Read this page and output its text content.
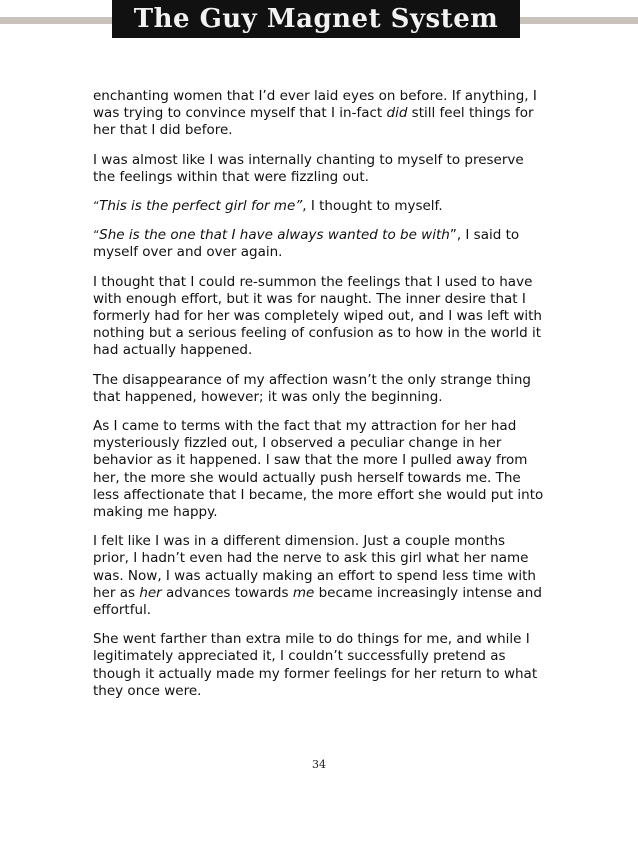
The Guy Magnet System

enchanting women that I’d ever laid eyes on before. If anything, I was trying to convince myself that I in-fact did still feel things for her that I did before.

I was almost like I was internally chanting to myself to preserve the feelings within that were fizzling out.

“This is the perfect girl for me”, I thought to myself.

“She is the one that I have always wanted to be with”, I said to myself over and over again.

I thought that I could re-summon the feelings that I used to have with enough effort, but it was for naught. The inner desire that I formerly had for her was completely wiped out, and I was left with nothing but a serious feeling of confusion as to how in the world it had actually happened.

The disappearance of my affection wasn’t the only strange thing that happened, however; it was only the beginning.

As I came to terms with the fact that my attraction for her had mysteriously fizzled out, I observed a peculiar change in her behavior as it happened. I saw that the more I pulled away from her, the more she would actually push herself towards me. The less affectionate that I became, the more effort she would put into making me happy.

I felt like I was in a different dimension. Just a couple months prior, I hadn’t even had the nerve to ask this girl what her name was. Now, I was actually making an effort to spend less time with her as her advances towards me became increasingly intense and effortful.

She went farther than extra mile to do things for me, and while I legitimately appreciated it, I couldn’t successfully pretend as though it actually made my former feelings for her return to what they once were.

34
